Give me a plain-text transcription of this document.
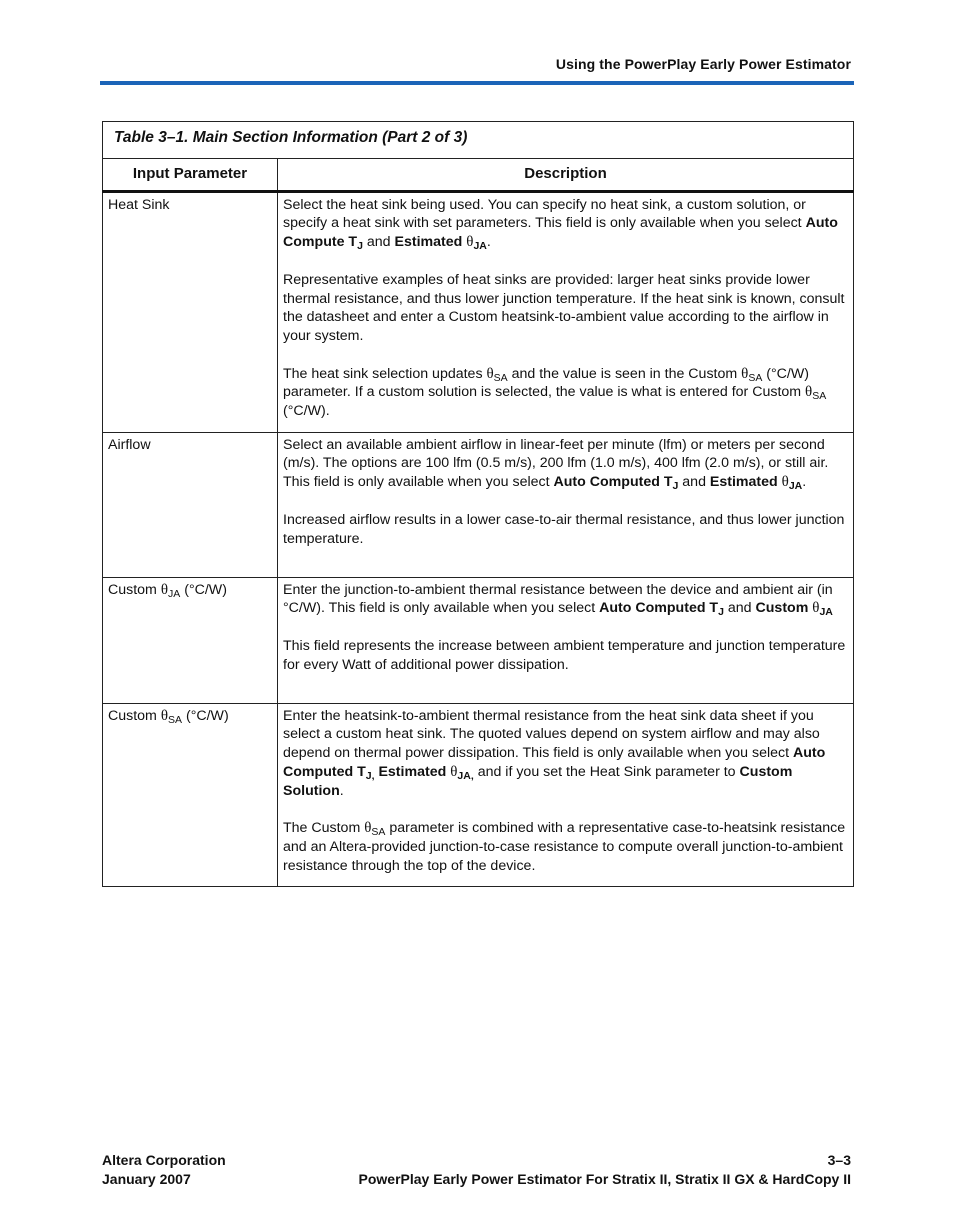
Using the PowerPlay Early Power Estimator
Table 3–1. Main Section Information (Part 2 of 3)	
Input Parameter	Description
Heat Sink	Select the heat sink being used. You can specify no heat sink, a custom solution, or specify a heat sink with set parameters. This field is only available when you select Auto Compute $T_J$ and Estimated $\theta_{JA}$.

Representative examples of heat sinks are provided: larger heat sinks provide lower thermal resistance, and thus lower junction temperature. If the heat sink is known, consult the datasheet and enter a Custom heatsink-to-ambient value according to the airflow in your system.

The heat sink selection updates $\theta_{SA}$ and the value is seen in the Custom $\theta_{SA}$ (°C/W) parameter. If a custom solution is selected, the value is what is entered for Custom $\theta_{SA}$ (°C/W).

Airflow	Select an available ambient airflow in linear-feet per minute (lfm) or meters per second (m/s). The options are 100 lfm (0.5 m/s), 200 lfm (1.0 m/s), 400 lfm (2.0 m/s), or still air. This field is only available when you select Auto Computed $T_J$ and Estimated $\theta_{JA}$.

Increased airflow results in a lower case-to-air thermal resistance, and thus lower junction temperature.

Custom $\theta_{JA}$ (°C/W)	Enter the junction-to-ambient thermal resistance between the device and ambient air (in °C/W). This field is only available when you select Auto Computed $T_J$ and Custom $\theta_{JA}$

This field represents the increase between ambient temperature and junction temperature for every Watt of additional power dissipation.

Custom $\theta_{SA}$ (°C/W)	Enter the heatsink-to-ambient thermal resistance from the heat sink data sheet if you select a custom heat sink. The quoted values depend on system airflow and may also depend on thermal power dissipation. This field is only available when you select Auto Computed $T_{J,}$ Estimated $\theta_{JA,}$ and if you set the Heat Sink parameter to Custom Solution.

The Custom $\theta_{SA}$ parameter is combined with a representative case-to-heatsink resistance and an Altera-provided junction-to-case resistance to compute overall junction-to-ambient resistance through the top of the device.

Altera Corporation
January 2007
3–3
PowerPlay Early Power Estimator For Stratix II, Stratix II GX & HardCopy II
